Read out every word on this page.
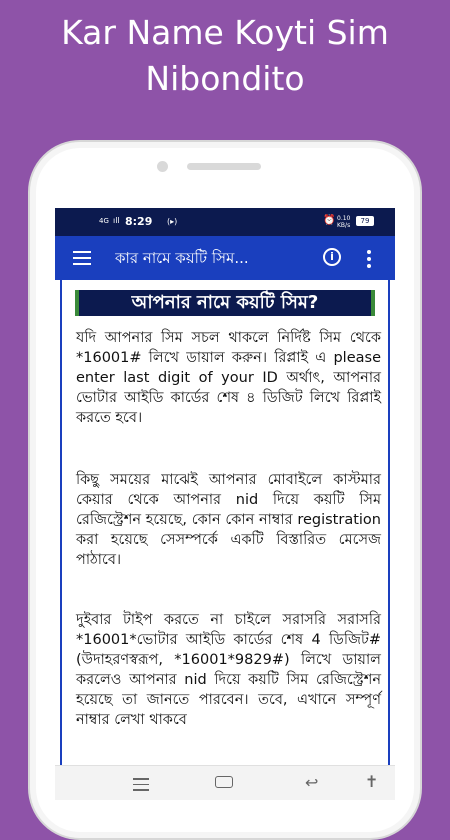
Kar Name Koyti Sim
Nibondito
4G ıll 8:29 (▸)	⏰ 0.10
KB/s
79
কার নামে কয়টি সিম...	i
আপনার নামে কয়টি সিম?

যদি আপনার সিম সচল থাকলে নির্দিষ্ট সিম থেকে *16001# লিখে ডায়াল করুন। রিপ্লাই এ please enter last digit of your ID অর্থাৎ, আপনার ভোটার আইডি কার্ডের শেষ ৪ ডিজিট লিখে রিপ্লাই করতে হবে।

কিছু সময়ের মাঝেই আপনার মোবাইলে কাস্টমার কেয়ার থেকে আপনার nid দিয়ে কয়টি সিম রেজিস্ট্রেশন হয়েছে, কোন কোন নাম্বার registration করা হয়েছে সেসম্পর্কে একটি বিস্তারিত মেসেজ পাঠাবে।

দুইবার টাইপ করতে না চাইলে সরাসরি সরাসরি *16001*ভোটার আইডি কার্ডের শেষ 4 ডিজিট# (উদাহরণস্বরূপ, *16001*9829#) লিখে ডায়াল করলেও আপনার nid দিয়ে কয়টি সিম রেজিস্ট্রেশন হয়েছে তা জানতে পারবেন। তবে, এখানে সম্পূর্ণ নাম্বার লেখা থাকবে

↩	✝
